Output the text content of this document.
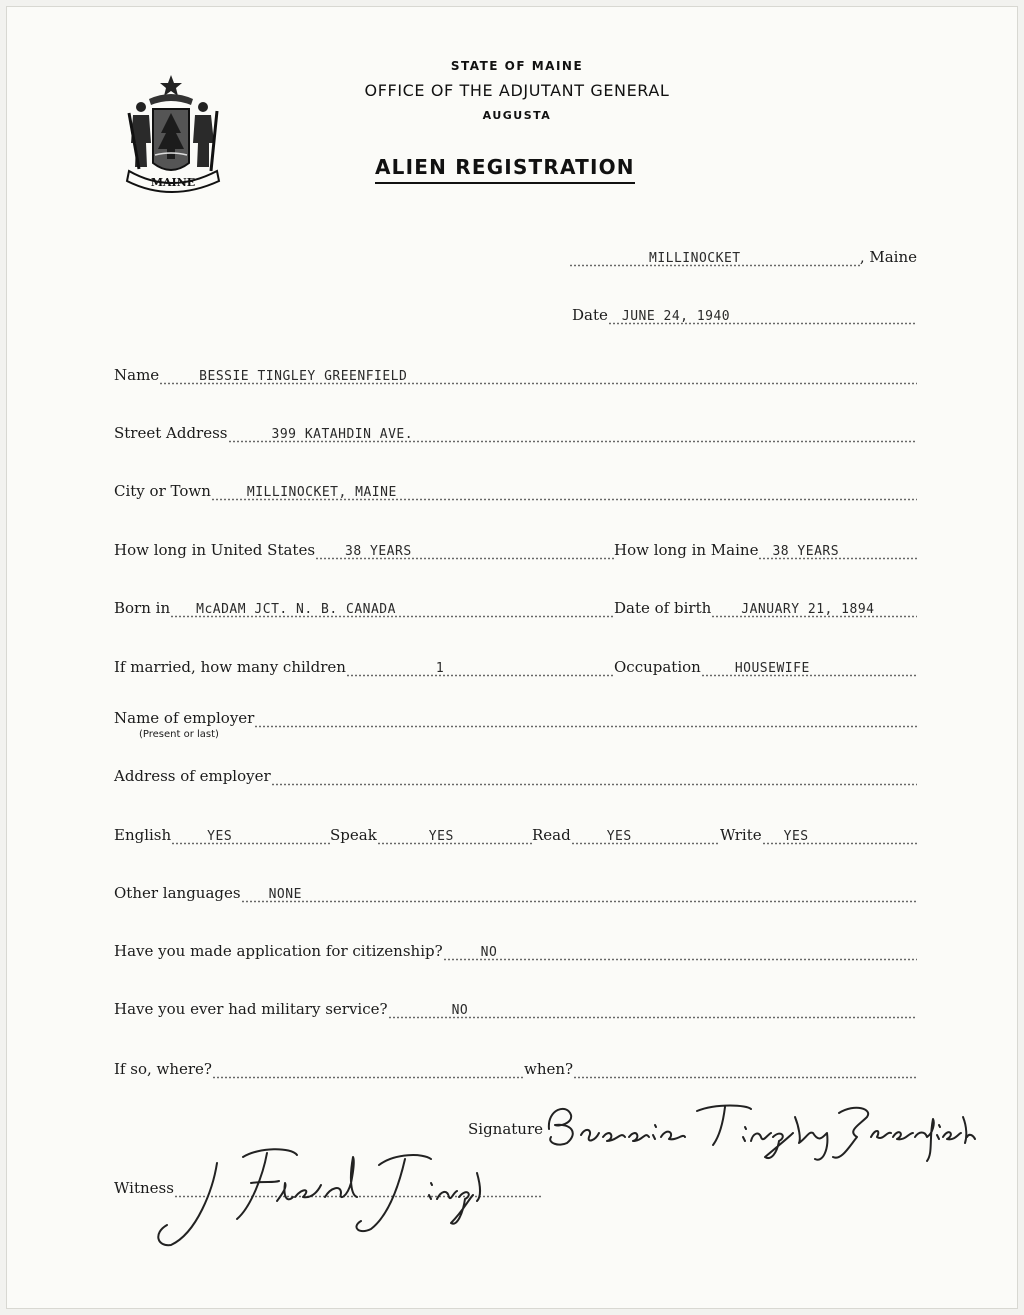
MAINE
STATE OF MAINE
OFFICE OF THE ADJUTANT GENERAL
AUGUSTA
ALIEN REGISTRATION
MILLINOCKET	, Maine
Date JUNE 24, 1940
Name	BESSIE TINGLEY GREENFIELD
Street Address	399 KATAHDIN AVE.
City or Town	MILLINOCKET, MAINE
How long in United States 38 YEARS	How long in Maine 38 YEARS
Born in McADAM JCT. N. B. CANADA	Date of birth JANUARY 21, 1894
If married, how many children	1	Occupation	HOUSEWIFE
Name of employer
(Present or last)
Address of employer
English	YES	Speak	YES	Read	YES	Write YES
Other languages NONE
Have you made application for citizenship?	NO
Have you ever had military service?	NO
If so, where?	when?
Signature
Bessie Tingley Greenfield
Witness
J. Fred Tingley
